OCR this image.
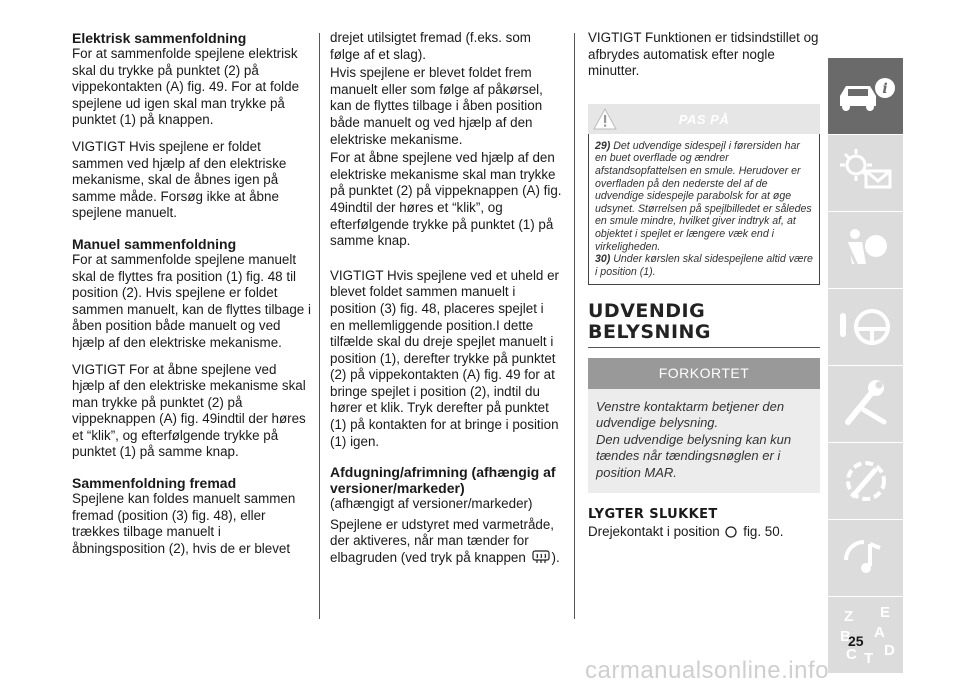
Elektrisk sammenfoldning

For at sammenfolde spejlene elektrisk skal du trykke på punktet (2) på vippekontakten (A) fig. 49. For at folde spejlene ud igen skal man trykke på punktet (1) på knappen.

VIGTIGT Hvis spejlene er foldet sammen ved hjælp af den elektriske mekanisme, skal de åbnes igen på samme måde. Forsøg ikke at åbne spejlene manuelt.

Manuel sammenfoldning

For at sammenfolde spejlene manuelt skal de flyttes fra position (1) fig. 48 til position (2). Hvis spejlene er foldet sammen manuelt, kan de flyttes tilbage i åben position både manuelt og ved hjælp af den elektriske mekanisme.

VIGTIGT For at åbne spejlene ved hjælp af den elektriske mekanisme skal man trykke på punktet (2) på vippeknappen (A) fig. 49indtil der høres et “klik”, og efterfølgende trykke på punktet (1) på samme knap.

Sammenfoldning fremad

Spejlene kan foldes manuelt sammen fremad (position (3) fig. 48), eller trækkes tilbage manuelt i åbningsposition (2), hvis de er blevet

drejet utilsigtet fremad (f.eks. som følge af et slag).

Hvis spejlene er blevet foldet frem manuelt eller som følge af påkørsel, kan de flyttes tilbage i åben position både manuelt og ved hjælp af den elektriske mekanisme.

For at åbne spejlene ved hjælp af den elektriske mekanisme skal man trykke på punktet (2) på vippeknappen (A) fig. 49indtil der høres et “klik”, og efterfølgende trykke på punktet (1) på samme knap.

VIGTIGT Hvis spejlene ved et uheld er blevet foldet sammen manuelt i position (3) fig. 48, placeres spejlet i en mellemliggende position.I dette tilfælde skal du dreje spejlet manuelt i position (1), derefter trykke på punktet (2) på vippekontakten (A) fig. 49 for at bringe spejlet i position (2), indtil du hører et klik. Tryk derefter på punktet (1) på kontakten for at bringe i position (1) igen.

Afdugning/afrimning (afhængig af versioner/markeder)

(afhængigt af versioner/markeder)

Spejlene er udstyret med varmetråde, der aktiveres, når man tænder for elbagruden (ved tryk på knappen ).

VIGTIGT Funktionen er tidsindstillet og afbrydes automatisk efter nogle minutter.

PAS PÅ
29) Det udvendige sidespejl i førersiden har en buet overflade og ændrer afstandsopfattelsen en smule. Herudover er overfladen på den nederste del af de udvendige sidespejle parabolsk for at øge udsynet. Størrelsen på spejlbilledet er således en smule mindre, hvilket giver indtryk af, at objektet i spejlet er længere væk end i virkeligheden.
30) Under kørslen skal sidespejlene altid være i position (1).
UDVENDIG
BELYSNING
FORKORTET

Venstre kontaktarm betjener den udvendige belysning.

Den udvendige belysning kan kun tændes når tændingsnøglen er i position MAR.

LYGTER SLUKKET
Drejekontakt i position fig. 50.
i
Z E
B A
C T D
25
carmanualsonline.info
